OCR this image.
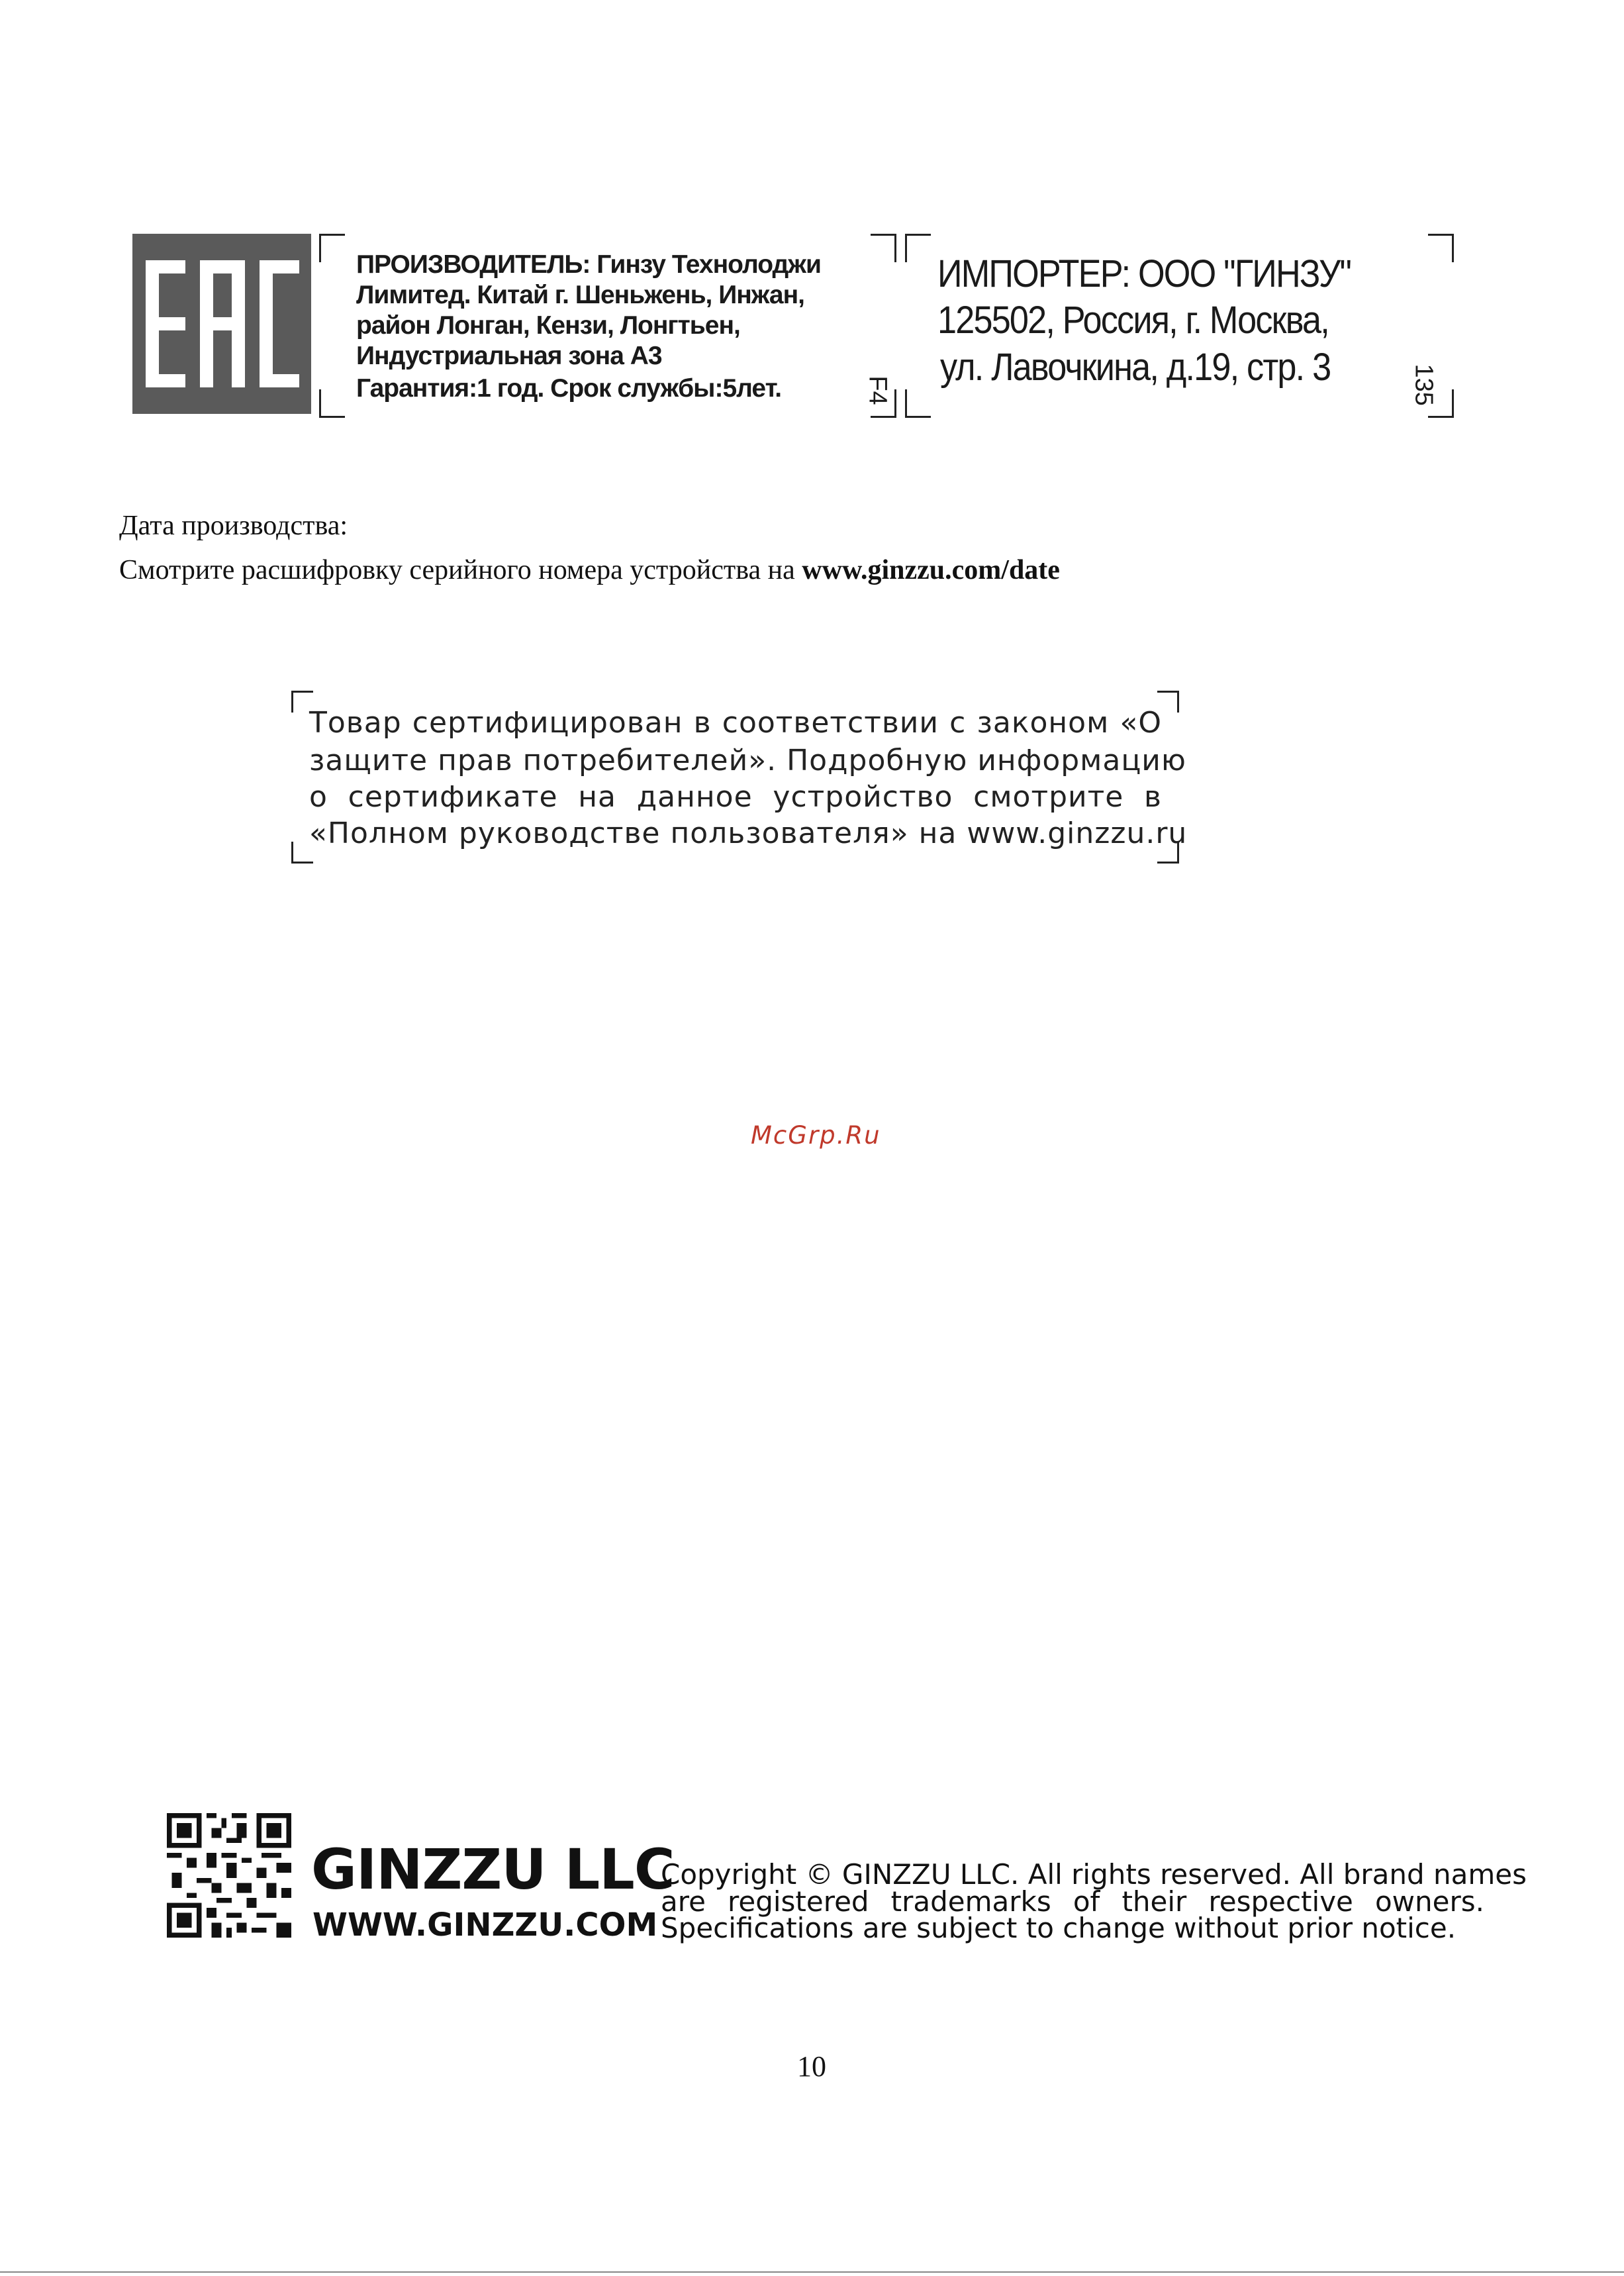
ПРОИЗВОДИТЕЛЬ: Гинзу Технолоджи
Лимитед. Китай г. Шеньжень, Инжан,
район Лонган, Кензи, Лонгтьен,
Индустриальная зона А3
Гарантия:1 год. Срок службы:5лет.	F4
ИМПОРТЕР: ООО "ГИНЗУ"
125502, Россия, г. Москва,
ул. Лавочкина, д.19, стр. 3	135
Дата производства:
Смотрите расшифровку серийного номера устройства на www.ginzzu.com/date
Товар сертифицирован в соответствии с законом «О
защите прав потребителей». Подробную информацию
о сертификате на данное устройство смотрите в
«Полном руководстве пользователя» на www.ginzzu.ru
McGrp.Ru
GINZZU LLC
WWW.GINZZU.COM
Copyright © GINZZU LLC. All rights reserved. All brand names
are registered trademarks of their respective owners.
Specifications are subject to change without prior notice.
10
